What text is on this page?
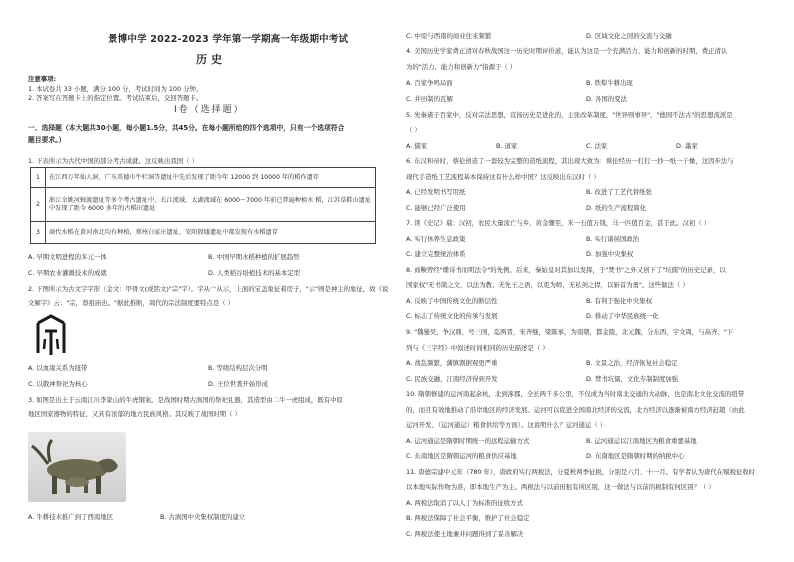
景博中学 2022-2023 学年第一学期高一年级期中考试
历史
注意事项:
1. 本试卷共 33 小题，满分 100 分，考试时间为 100 分钟。
2. 答案写在答题卡上的指定位置。考试结束后，交回答题卡。
Ⅰ卷（选择题）
一、选择题（本大题共30小题，每小题1.5分，共45分。在每小题所给的四个选项中，只有一个选项符合
题目要求。）
1. 下表所示为古代中国的部分考古成就。这反映出我国（ ）
1	在江西万年仙人洞、广东英德市牛栏洞等遗址中先后发现了距今年 12000 到 10000 年的稻作遗存
2	浙江余姚河姆渡遗址等多个考古遗址中，长江流域、太湖流域在 6000～7000 年前已普遍种植水 稻，江苏草鞋山遗址
中发现了距今 6000 多年的古稻田遗址

3	商代水稻在黄河南北均有种植，郑州白家庄遗址、安阳殷墟遗址中都发现有水稻遗存
A. 早期文明进程的多元一体	B. 中国早期水稻种植的扩展趋势
C. 早期农业灌溉技术的成就	D. 人类稻谷培植技术的基本定型
2. 下图所示为古文字字形（金文：甲骨文(或铭文)"宗"字）。字从宀从示，上面的宝盖象征着房子，"示"则是神主的象征，故《说
文解字》云："宗，尊祖庙也。"据此推断，周代的宗法制度要特点是（ ）
A. 以血缘关系为纽带	B. 等级结构层次分明
C. 以敬神祭祀为核心	D. 王位世袭开始形成
3. 如图是出土于云南江川李家山的牛虎铜案。是战国时期古滇国的祭祀礼器，其造型由二牛一虎组成，既有中原
地区国家器物的特征，又具有浓郁的地方民族风格。其反映了战国时期（ ）
A. 牛耕技术推广到了西南地区	B. 古滇国中央集权制度的建立
C. 中原与西南的商业往来频繁	D. 区域文化之间的交流与交融
4. 美国历史学家费正清对春秋战国这一历史时期评价道，能认为这是一个充满活力、能力和创新的时期，费正清认
为的"活力、能力和创新力"指源于（ ）
A. 百家争鸣局面	B. 铁犁牛耕出现
C. 井田制的瓦解	D. 各国的变法
5. 先秦诸子百家中，反对宗法思想，宣扬历史是进化的，主张改革制度，"世异则事异"，"德国不法古"的思想流派是
（ ）
A. 儒家	B. 道家	C. 法家	D. 墨家
6. 东汉和帝时，蔡伦创造了一套较为完整的造纸流程，其出现大致为：蔡伦经历一打打一抄一纸一干燥，这因步法与
现代手造纸工艺流程基本保持这有什么样中国？这反映出东汉时（ ）
A. 已经发明书写用纸	B. 改进了工艺代替纸张
C. 能够已经广泛使用	D. 纸的生产流程简化
7. 读《史记》载：汉初，农民大量流亡与乡，黄金骤至，米一石值万钱，马一匹值百金，甚于此。汉初（ ）
A. 实行休养生息政策	B. 实行诸侯国政治
C. 建立完整统治体系	D. 加强中央集权
8. 商鞅曾经"燔诗书而明法令"的先例。后来，秦始皇对其加以发挥，于"焚书"之外又创下了"坑儒"的历史记录，以
国家权"无书简之文，以法为教；无先王之语，以吏为师，无私剑之捍，以斩首为勇"。这些做法（ ）
A. 反映了中国传统文化的断层性	B. 有利于强化中央集权
C. 标志了传统文化的传承与发展	D. 推动了中华民族统一化
9. "魏蜀吴，争汉鼎，号三国，迄两晋，宋齐继，梁陈承，为南朝，都金陵，北元魏，分东西，宇文周，与高齐。"下
列与《三字经》中叙述时间相同的历史描述是（ ）
A. 战乱频繁，藩镇割据观更严重	B. 文景之治，经济恢复社会稳定
C. 民族交融，江南经济得到开发	D. 焚书坑儒，文化专制制度加强
10. 隋朝修建的运河南起余杭，北到涿郡，全长两千多公里，不仅成为当时南北交通的大动脉，也是南北文化交流的纽带
的，而且有效地推动了沿岸地区的经济发展。运河可以促进全国南北经济的交流，北方经济以逐渐被南方经济赶超（由此
运河开发、（运河通运）粮食供给等方面）。这说明什么？运河通运（ ）
A. 运河通运是隋朝时期统一的远程运输方式	B. 运河通运以江南地区为粮食重要基地
C. 东南地区是隋朝运河的粮食供应基地	D. 东南地区是隋朝时期的纳税中心
11. 唐德宗建中元年（780 年），唐政府实行两税法，分夏秋两季征税，分别是六月、十一月。有学者认为唐代在赋税征收时
以本地实际作物为准，即本地生产为主。两税法与以前田租有所区别，这一做法与以前的税制有何区别？（ ）
A. 两税法取消了以人丁为标准的征收方式
B. 两税法保障了社会平衡，维护了社会稳定
C. 两税法使土地兼并问题得到了妥善解决
